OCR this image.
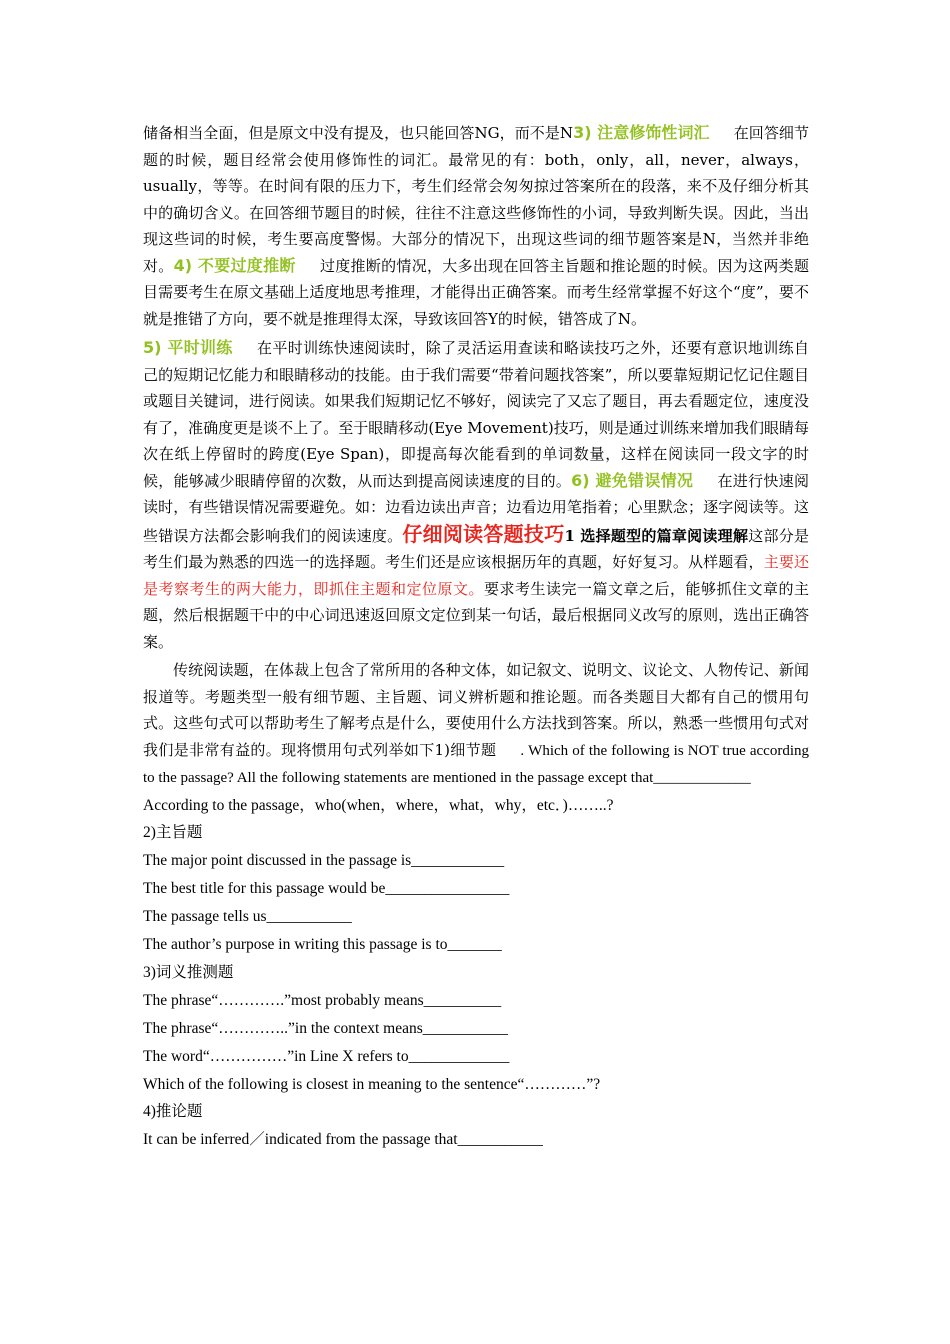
储备相当全面，但是原文中没有提及，也只能回答NG，而不是N3) 注意修饰性词汇 在回答细节题的时候，题目经常会使用修饰性的词汇。最常见的有：both，only，all，never，always，usually，等等。在时间有限的压力下，考生们经常会匆匆掠过答案所在的段落，来不及仔细分析其中的确切含义。在回答细节题目的时候，往往不注意这些修饰性的小词，导致判断失误。因此，当出现这些词的时候，考生要高度警惕。大部分的情况下，出现这些词的细节题答案是N，当然并非绝对。4) 不要过度推断 过度推断的情况，大多出现在回答主旨题和推论题的时候。因为这两类题目需要考生在原文基础上适度地思考推理，才能得出正确答案。而考生经常掌握不好这个“度”，要不就是推错了方向，要不就是推理得太深，导致该回答Y的时候，错答成了N。

5) 平时训练 在平时训练快速阅读时，除了灵活运用查读和略读技巧之外，还要有意识地训练自己的短期记忆能力和眼睛移动的技能。由于我们需要“带着问题找答案”，所以要靠短期记忆记住题目或题目关键词，进行阅读。如果我们短期记忆不够好，阅读完了又忘了题目，再去看题定位，速度没有了，准确度更是谈不上了。至于眼睛移动(Eye Movement)技巧，则是通过训练来增加我们眼睛每次在纸上停留时的跨度(Eye Span)，即提高每次能看到的单词数量，这样在阅读同一段文字的时候，能够减少眼睛停留的次数，从而达到提高阅读速度的目的。6) 避免错误情况 在进行快速阅读时，有些错误情况需要避免。如：边看边读出声音；边看边用笔指着；心里默念；逐字阅读等。这些错误方法都会影响我们的阅读速度。仔细阅读答题技巧1 选择题型的篇章阅读理解这部分是考生们最为熟悉的四选一的选择题。考生们还是应该根据历年的真题，好好复习。从样题看，主要还是考察考生的两大能力，即抓住主题和定位原文。要求考生读完一篇文章之后，能够抓住文章的主题，然后根据题干中的中心词迅速返回原文定位到某一句话，最后根据同义改写的原则，选出正确答案。

传统阅读题，在体裁上包含了常所用的各种文体，如记叙文、说明文、议论文、人物传记、新闻报道等。考题类型一般有细节题、主旨题、词义辨析题和推论题。而各类题目大都有自己的惯用句式。这些句式可以帮助考生了解考点是什么，要使用什么方法找到答案。所以，熟悉一些惯用句式对我们是非常有益的。现将惯用句式列举如下1)细节题 . Which of the following is NOT true according to the passage? All the following statements are mentioned in the passage except that_____________

According to the passage，who(when，where，what，why，etc．)……..?

2)主旨题

The major point discussed in the passage is____________

The best title for this passage would be________________

The passage tells us___________

The author’s purpose in writing this passage is to_______

3)词义推测题

The phrase“………….”most probably means__________

The phrase“…………..”in the context means___________

The word“……………”in Line X refers to_____________

Which of the following is closest in meaning to the sentence“…………”?

4)推论题

It can be inferred／indicated from the passage that___________
